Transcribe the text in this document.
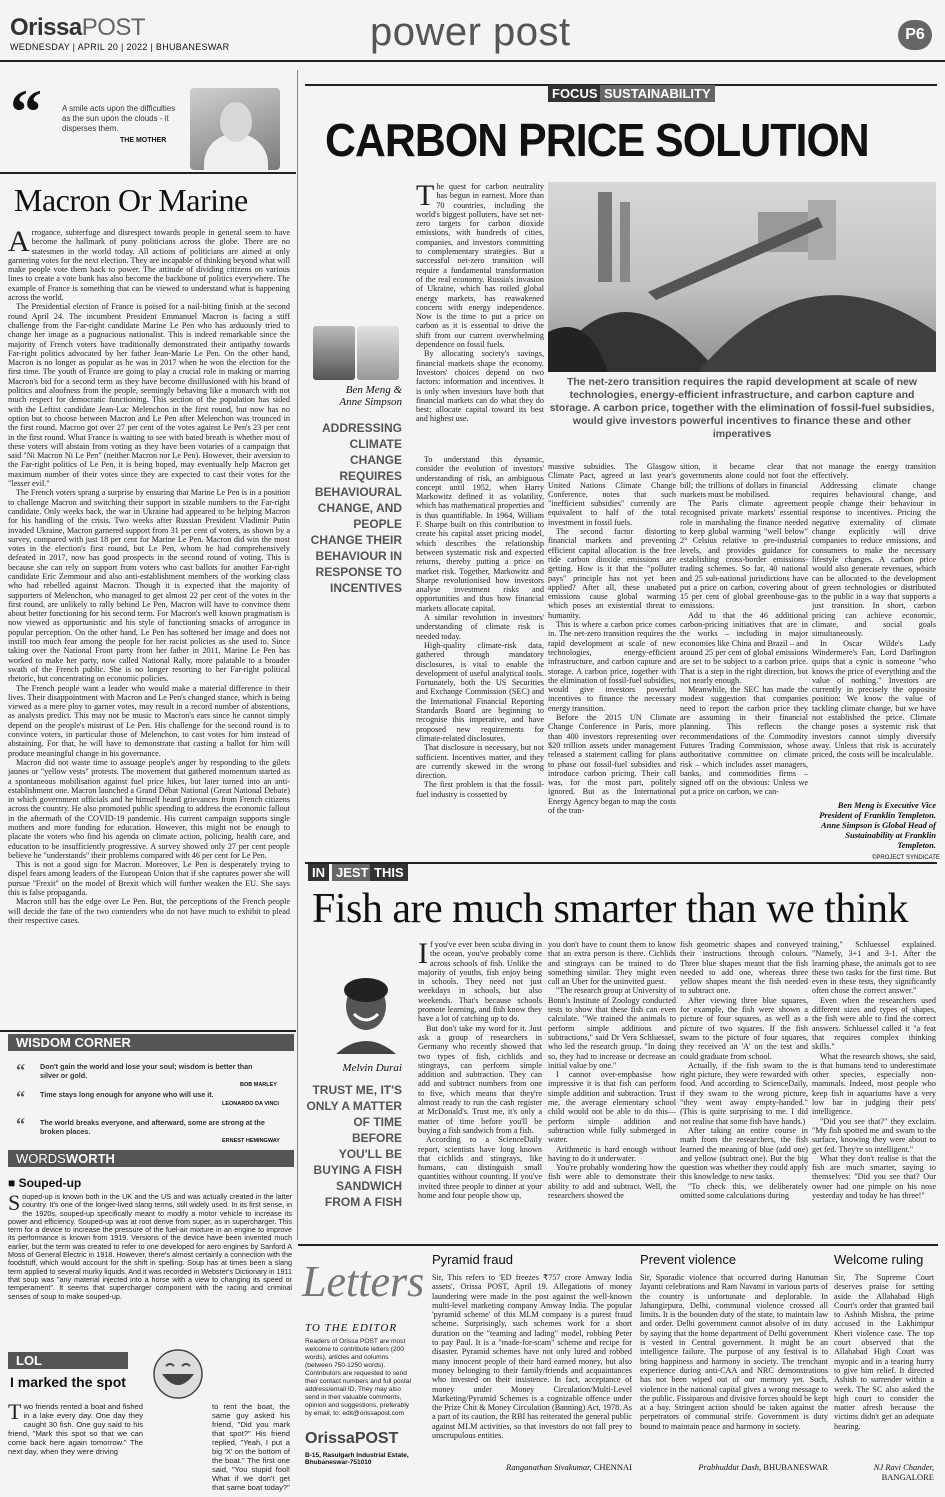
OrissaPOST
WEDNESDAY | APRIL 20 | 2022 | BHUBANESWAR	power post	P6
“	A smile acts upon the difficulties as the sun upon the clouds - it disperses them.
THE MOTHER
Macron Or Marine
A rrogance, subterfuge and disrespect towards people in general seem to have become the hallmark of puny politicians across the globe. There are no statesmen in the world today. All actions of politicians are aimed at only garnering votes for the next election. They are incapable of thinking beyond what will make people vote them back to power. The attitude of dividing citizens on various lines to create a vote bank has also become the backbone of politics everywhere. The example of France is something that can be viewed to understand what is happening across the world.

The Presidential election of France is poised for a nail-biting finish at the second round April 24. The incumbent President Emmanuel Macron is facing a stiff challenge from the Far-right candidate Marine Le Pen who has arduously tried to change her image as a pugnacious nationalist. This is indeed remarkable since the majority of French voters have traditionally demonstrated their antipathy towards Far-right politics advocated by her father Jean-Marie Le Pen. On the other hand, Macron is no longer as popular as he was in 2017 when he won the election for the first time. The youth of France are going to play a crucial role in making or marring Macron's bid for a second term as they have become disillusioned with his brand of politics and aloofness from the people, seemingly behaving like a monarch with not much respect for democratic functioning. This section of the population has sided with the Leftist candidate Jean-Luc Melenchon in the first round, but now has no option but to choose between Macron and Le Pen after Melenchon was trounced in the first round. Macron got over 27 per cent of the votes against Le Pen's 23 per cent in the first round. What France is waiting to see with bated breath is whether most of these voters will abstain from voting as they have been votaries of a campaign that said "Ni Macron Ni Le Pen" (neither Macron nor Le Pen). However, their aversion to the Far-right politics of Le Pen, it is being hoped, may eventually help Macron get maximum number of their votes since they are expected to cast their votes for the "lesser evil."

The French voters sprang a surprise by ensuring that Marine Le Pen is in a position to challenge Macron and switching their support in sizable numbers to the Far-right candidate. Only weeks back, the war in Ukraine had appeared to be helping Macron for his handling of the crisis. Two weeks after Russian President Vladimir Putin invaded Ukraine, Macron garnered support from 31 per cent of voters, as shown by a survey, compared with just 18 per cent for Marine Le Pen. Macron did win the most votes in the election's first round, but Le Pen, whom he had comprehensively defeated in 2017, now has good prospects in the second round of voting. This is because she can rely on support from voters who cast ballots for another Far-right candidate Eric Zemmour and also anti-establishment members of the working class who had rebelled against Macron. Though it is expected that the majority of supporters of Melenchon, who managed to get almost 22 per cent of the votes in the first round, are unlikely to rally behind Le Pen, Macron will have to convince them about better functioning for his second term. For Macron's well known pragmatism is now viewed as opportunistic and his style of functioning smacks of arrogance in popular perception. On the other hand, Le Pen has softened her image and does not instill too much fear among the people for her racist policies as she used to. Since taking over the National Front party from her father in 2011, Marine Le Pen has worked to make her party, now called National Rally, more palatable to a broader swath of the French public. She is no longer resorting to her Far-right political rhetoric, but concentrating on economic policies.

The French people want a leader who would make a material difference in their lives. Their disappointment with Macron and Le Pen's changed stance, which is being viewed as a mere ploy to garner votes, may result in a record number of abstentions, as analysts predict. This may not be music to Macron's ears since he cannot simply depend on the people's mistrust of Le Pen. His challenge for the second round is to convince voters, in particular those of Melenchon, to cast votes for him instead of abstaining. For that, he will have to demonstrate that casting a ballot for him will produce meaningful change in his governance.

Macron did not waste time to assuage people's anger by responding to the gilets jaunes or "yellow vests" protests. The movement that gathered momentum started as a spontaneous mobilisation against fuel price hikes, but later turned into an anti-establishment one. Macron launched a Grand Débat National (Great National Debate) in which government officials and he himself heard grievances from French citizens across the country. He also promoted public spending to address the economic fallout in the aftermath of the COVID-19 pandemic. His current campaign supports single mothers and more funding for education. However, this might not be enough to placate the voters who find his agenda on climate action, policing, health care, and education to be insufficiently progressive. A survey showed only 27 per cent people believe he "understands" their problems compared with 46 per cent for Le Pen.

This is not a good sign for Macron. Moreover, Le Pen is desperately trying to dispel fears among leaders of the European Union that if she captures power she will pursue "Frexit" on the model of Brexit which will further weaken the EU. She says this is false propaganda.

Macron still has the edge over Le Pen. But, the perceptions of the French people will decide the fate of the two contenders who do not have much to exhibit to plead their respective cases.

WISDOM CORNER
“ Don't gain the world and lose your soul; wisdom is better than silver or gold.
BOB MARLEY
“ Time stays long enough for anyone who will use it.
LEONARDO DA VINCI
“ The world breaks everyone, and afterward, some are strong at the broken places.
ERNEST HEMINGWAY
WORDSWORTH
■ Souped-up
Souped-up is known both in the UK and the US and was actually created in the latter country. It's one of the longer-lived slang terms, still widely used. In its first sense, in the 1920s, souped-up specifically meant to modify a motor vehicle to increase its power and efficiency. Souped-up was at root derive from super, as in supercharger. This term for a device to increase the pressure of the fuel-air mixture in an engine to improve its performance is known from 1919. Versions of the device have been invented much earlier, but the term was created to refer to one developed for aero engines by Sanford A Moss of General Electric in 1918. However, there's almost certainly a connection with the foodstuff, which would account for the shift in spelling. Soup has at times been a slang term applied to several murky liquids. And it was recorded in Webster's Dictionary in 1911 that soup was "any material injected into a horse with a view to changing its speed or temperament". It seems that supercharger component with the racing and criminal senses of soup to make souped-up.
LOL
I marked the spot
Two friends rented a boat and fished in a lake every day. One day they caught 30 fish. One guy said to his friend, "Mark this spot so that we can come back here again tomorrow." The next day, when they were driving
to rent the boat, the same guy asked his friend, "Did you mark that spot?" His friend replied, "Yeah, I put a big 'X' on the bottom of the boat." The first one said, "You stupid fool! What if we don't get that same boat today?"
FOCUS SUSTAINABILITY
CARBON PRICE SOLUTION
Ben Meng &
Anne Simpson
ADDRESSING CLIMATE CHANGE REQUIRES BEHAVIOURAL CHANGE, AND PEOPLE CHANGE THEIR BEHAVIOUR IN RESPONSE TO INCENTIVES
T he quest for carbon neutrality has begun in earnest. More than 70 countries, including the world's biggest polluters, have set net-zero targets for carbon dioxide emissions, with hundreds of cities, companies, and investors committing to complementary strategies. But a successful net-zero transition will require a fundamental transformation of the real economy. Russia's invasion of Ukraine, which has roiled global energy markets, has reawakened concern with energy independence. Now is the time to put a price on carbon as it is essential to drive the shift from our current overwhelming dependence on fossil fuels.

By allocating society's savings, financial markets shape the economy. Investors' choices depend on two factors: information and incentives. It is only when investors have both that financial markets can do what they do best: allocate capital toward its best and highest use.

To understand this dynamic, consider the evolution of investors' understanding of risk, an ambiguous concept until 1952, when Harry Markowitz defined it as volatility, which has mathematical properties and is thus quantifiable. In 1964, William F. Sharpe built on this contribution to create his capital asset pricing model, which describes the relationship between systematic risk and expected returns, thereby putting a price on market risk. Together, Markowitz and Sharpe revolutionised how investors analyse investment risks and opportunities and thus how financial markets allocate capital.

A similar revolution in investors' understanding of climate risk is needed today.

High-quality climate-risk data, gathered through mandatory disclosures, is vital to enable the development of useful analytical tools. Fortunately, both the US Securities and Exchange Commission (SEC) and the International Financial Reporting Standards Board are beginning to recognise this imperative, and have proposed new requirements for climate-related disclosures.

That disclosure is necessary, but not sufficient. Incentives matter, and they are currently skewed in the wrong direction.

The first problem is that the fossil-fuel industry is cossetted by

The net-zero transition requires the rapid development at scale of new technologies, energy-efficient infrastructure, and carbon capture and storage. A carbon price, together with the elimination of fossil-fuel subsidies, would give investors powerful incentives to finance these and other imperatives

massive subsidies. The Glasgow Climate Pact, agreed at last year's United Nations Climate Change Conference, notes that such "inefficient subsidies" currently are equivalent to half of the total investment in fossil fuels.

The second factor distorting financial markets and preventing efficient capital allocation is the free ride carbon dioxide emissions are getting. How is it that the "polluter pays" principle has not yet been applied? After all, these unabated emissions cause global warming which poses an existential threat to humanity.

This is where a carbon price comes in. The net-zero transition requires the rapid development at scale of new technologies, energy-efficient infrastructure, and carbon capture and storage. A carbon price, together with the elimination of fossil-fuel subsidies, would give investors powerful incentives to finance the necessary energy transition.

Before the 2015 UN Climate Change Conference in Paris, more than 400 investors representing over $20 trillion assets under management released a statement calling for plans to phase out fossil-fuel subsidies and introduce carbon pricing. Their call was, for the most part, politely ignored. But as the International Energy Agency began to map the costs of the tran-

sition, it became clear that governments alone could not foot the bill; the trillions of dollars in financial markets must be mobilised.

The Paris climate agreement recognised private markets' essential role in marshaling the finance needed to keep global warming "well below" 2° Celsius relative to pre-industrial levels, and provides guidance for establishing cross-border emissions-trading schemes. So far, 40 national and 25 sub-national jurisdictions have put a price on carbon, covering about 15 per cent of global greenhouse-gas emissions.

Add to that the 46 additional carbon-pricing initiatives that are in the works – including in major economies like China and Brazil – and around 25 per cent of global emissions are set to be subject to a carbon price. That is a step in the right direction, but not nearly enough.

Meanwhile, the SEC has made the modest suggestion that companies need to report the carbon price they are assuming in their financial planning. This reflects the recommendations of the Commodity Futures Trading Commission, whose authoritative committee on climate risk – which includes asset managers, banks, and commodities firms – signed off on the obvious: Unless we put a price on carbon, we can-

not manage the energy transition effectively.

Addressing climate change requires behavioural change, and people change their behaviour in response to incentives. Pricing the negative externality of climate change explicitly will drive companies to reduce emissions, and consumers to make the necessary lifestyle changes. A carbon price would also generate revenues, which can be allocated to the development of green technologies or distributed to the public in a way that supports a just transition. In short, carbon pricing can achieve economic, climate, and social goals simultaneously.

In Oscar Wilde's Lady Windermere's Fan, Lord Darlington quips that a cynic is someone "who knows the price of everything and the value of nothing." Investors are currently in precisely the opposite position: We know the value of tackling climate change, but we have not established the price. Climate change poses a systemic risk that investors cannot simply diversify away. Unless that risk is accurately priced, the costs will be incalculable.

Ben Meng is Executive Vice President of Franklin Templeton. Anne Simpson is Global Head of Sustainability at Franklin Templeton.
©PROJECT SYNDICATE
IN JEST THIS
Fish are much smarter than we think
Melvin Durai
TRUST ME, IT'S ONLY A MATTER OF TIME BEFORE YOU'LL BE BUYING A FISH SANDWICH FROM A FISH
I f you've ever been scuba diving in the ocean, you've probably come across schools of fish. Unlike the majority of youths, fish enjoy being in schools. They need not just weekdays in schools, but also weekends. That's because schools promote learning, and fish know they have a lot of catching up to do.

But don't take my word for it. Just ask a group of researchers in Germany who recently showed that two types of fish, cichlids and stingrays, can perform simple addition and subtraction. They can add and subtract numbers from one to five, which means that they're almost ready to run the cash register at McDonald's. Trust me, it's only a matter of time before you'll be buying a fish sandwich from a fish.

According to a ScienceDaily report, scientists have long known that cichlids and stingrays, like humans, can distinguish small quantities without counting. If you've invited three people to dinner at your home and four people show up,

you don't have to count them to know that an extra person is there. Cichlids and stingrays can be trained to do something similar. They might even call an Uber for the uninvited guest.

"The research group at University of Bonn's Institute of Zoology conducted tests to show that these fish can even calculate. "We trained the animals to perform simple additions and subtractions," said Dr Vera Schluessel, who led the research group. "In doing so, they had to increase or decrease an initial value by one."

I cannot over-emphasise how impressive it is that fish can perform simple addition and subtraction. Trust me, the average elementary school child would not be able to do this—perform simple addition and subtraction while fully submerged in water.

Arithmetic is hard enough without having to do it underwater.

You're probably wondering how the fish were able to demonstrate their ability to add and subtract. Well, the researchers showed the

fish geometric shapes and conveyed their instructions through colours. Three blue shapes meant that the fish needed to add one, whereas three yellow shapes meant the fish needed to subtract one.

After viewing three blue squares, for example, the fish were shown a picture of four squares, as well as a picture of two squares. If the fish swam to the picture of four squares, they received an 'A' on the test and could graduate from school.

Actually, if the fish swam to the right picture, they were rewarded with food. And according to ScienceDaily, if they swam to the wrong picture, "they went away empty-handed." (This is quite surprising to me. I did not realise that some fish have hands.)

After taking an entire course in math from the researchers, the fish learned the meaning of blue (add one) and yellow (subtract one). But the big question was whether they could apply this knowledge to new tasks.

"To check this, we deliberately omitted some calculations during

training," Schluessel explained. "Namely, 3+1 and 3-1. After the learning phase, the animals got to see these two tasks for the first time. But even in these tests, they significantly often chose the correct answer."

Even when the researchers used different sizes and types of shapes, the fish were able to find the correct answers. Schluessel called it "a feat that requires complex thinking skills."

What the research shows, she said, is that humans tend to underestimate other species, especially non-mammals. Indeed, most people who keep fish in aquariums have a very low bar in judging their pets' intelligence.

"Did you see that?" they exclaim. "My fish spotted me and swam to the surface, knowing they were about to get fed. They're so intelligent."

What they don't realise is that the fish are much smarter, saying to themselves: "Did you see that? Our owner had one pimple on his nose yesterday and today he has three!"

Letters
TO THE EDITOR
Readers of Orissa POST are most welcome to contribute letters (200 words), articles and columns (between 750-1250 words). Contributors are requested to send their contact numbers and full postal address/email ID. They may also send in their valuable comments, opinion and suggestions, preferably by email, to: edit@orissapost.com
OrissaPOST
B-15, Rasulgarh Industrial Estate, Bhubaneswar-751010
Pyramid fraud
Sir, This refers to 'ED freezes ₹757 crore Amway India assets', Orissa POST, April 19. Allegations of money laundering were made in the post against the well-known multi-level marketing company Amway India. The popular 'pyramid scheme' of this MLM company is a purest fraud scheme. Surprisingly, such schemes work for a short duration on the "teaming and lading" model, robbing Peter to pay Paul. It is a "made-for-scam" scheme and recipe for disaster. Pyramid schemes have not only lured and robbed many innocent people of their hard earned money, but also money belonging to their family/friends and acquaintances who invested on their insistence. In fact, acceptance of money under Money Circulation/Multi-Level Marketing/Pyramid Schemes is a cognizable offence under the Prize Chit & Money Circulation (Banning) Act, 1978. As a part of its caution, the RBI has reiterated the general public against MLM activities, so that investors do not fall prey to unscrupulous entities.
Ranganathan Sivakumar, CHENNAI
Prevent violence
Sir, Sporadic violence that occurred during Hanuman Jayanti celebrations and Ram Navami in various parts of the country is unfortunate and deplorable. In Jahangirpura, Delhi, communal violence crossed all limits. It is the bounden duty of the state, to maintain law and order. Delhi government cannot absolve of its duty by saying that the home department of Delhi government is vested in Central government. It might be an intelligence failure. The purpose of any festival is to bring happiness and harmony in society. The trenchant experience during anti-CAA and NRC demonstrations has not been wiped out of our memory yet. Such, violence in the national capital gives a wrong message to the public. Fissiparous and divisive forces should be kept at a bay. Stringent action should be taken against the perpetrators of communal strife. Government is duty bound to maintain peace and harmony in society.
Prabhuddut Dash, BHUBANESWAR
Welcome ruling
Sir, The Supreme Court deserves praise for setting aside the Allahabad High Court's order that granted bail to Ashish Mishra, the prime accused in the Lakhimpur Kheri violence case. The top court observed that the Allahabad High Court was myopic and in a tearing hurry to give him relief. It directed Ashish to surrender within a week. The SC also asked the high court to consider the matter afresh because the victims didn't get an adequate hearing.
NJ Ravi Chander,
BANGALORE
